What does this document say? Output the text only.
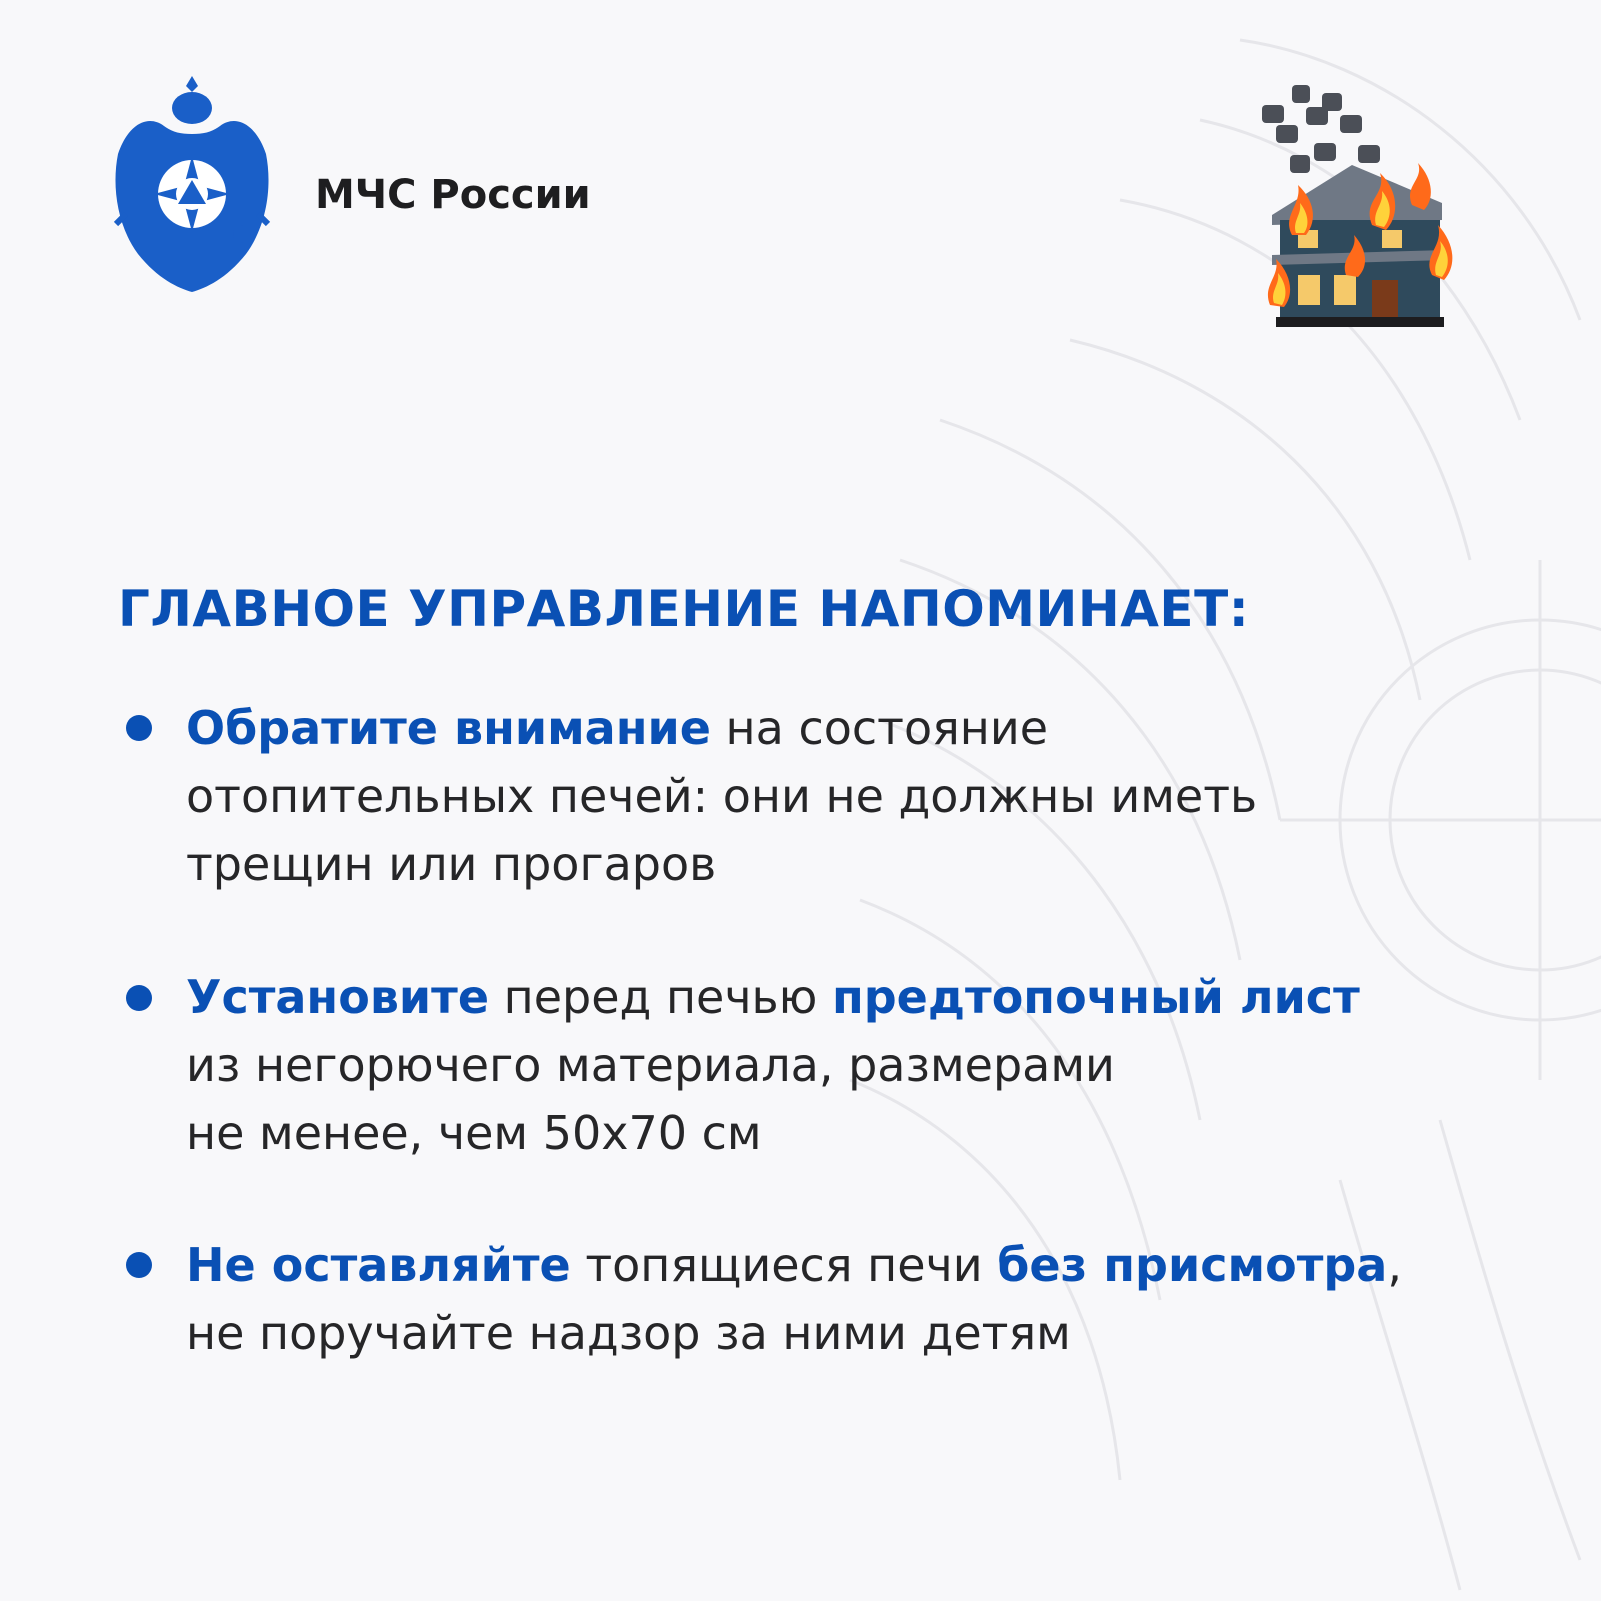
МЧС России
ГЛАВНОЕ УПРАВЛЕНИЕ НАПОМИНАЕТ:
Обратите внимание на состояние
отопительных печей: они не должны иметь
трещин или прогаров
Установите перед печью предтопочный лист
из негорючего материала, размерами
не менее, чем 50x70 см
Не оставляйте топящиеся печи без присмотра,
не поручайте надзор за ними детям
